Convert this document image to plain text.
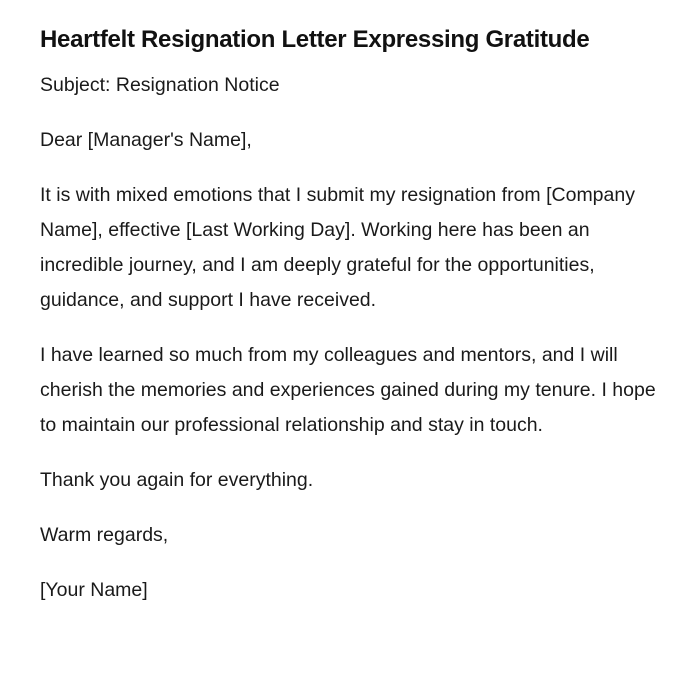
Heartfelt Resignation Letter Expressing Gratitude

Subject: Resignation Notice

Dear [Manager's Name],

It is with mixed emotions that I submit my resignation from [Company Name], effective [Last Working Day]. Working here has been an incredible journey, and I am deeply grateful for the opportunities, guidance, and support I have received.

I have learned so much from my colleagues and mentors, and I will cherish the memories and experiences gained during my tenure. I hope to maintain our professional relationship and stay in touch.

Thank you again for everything.

Warm regards,

[Your Name]
